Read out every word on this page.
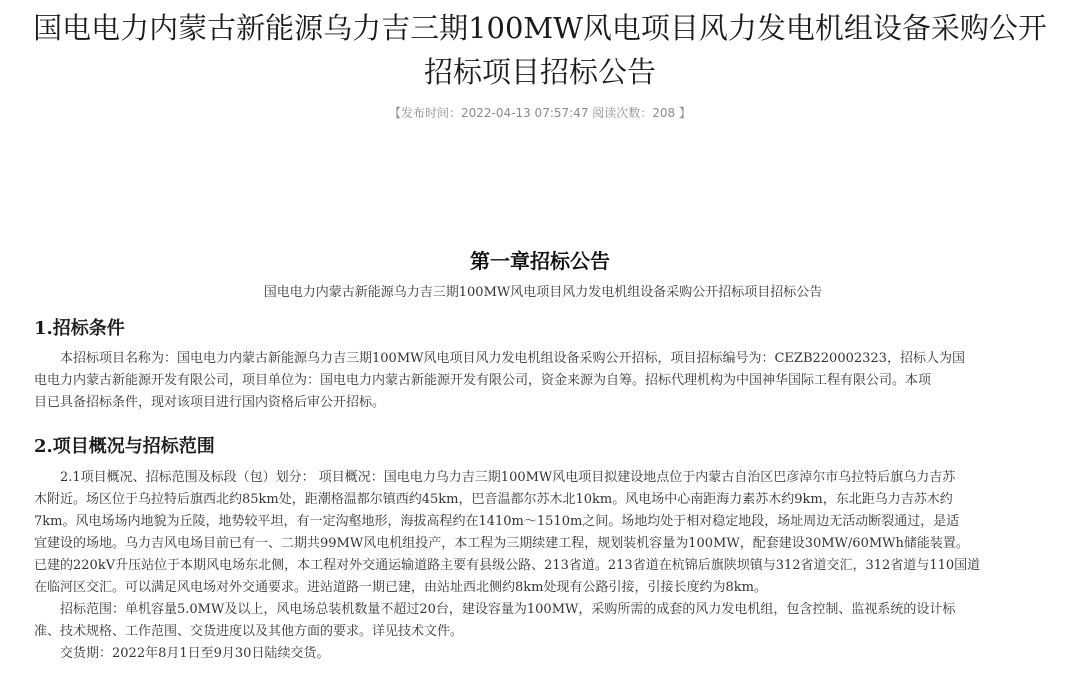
国电电力内蒙古新能源乌力吉三期100MW风电项目风力发电机组设备采购公开
招标项目招标公告
【发布时间：2022-04-13 07:57:47 阅读次数：208 】
第一章招标公告
国电电力内蒙古新能源乌力吉三期100MW风电项目风力发电机组设备采购公开招标项目招标公告
1.招标条件
　　本招标项目名称为：国电电力内蒙古新能源乌力吉三期100MW风电项目风力发电机组设备采购公开招标，项目招标编号为：CEZB220002323，招标人为国
电电力内蒙古新能源开发有限公司，项目单位为：国电电力内蒙古新能源开发有限公司，资金来源为自筹。招标代理机构为中国神华国际工程有限公司。本项
目已具备招标条件，现对该项目进行国内资格后审公开招标。
2.项目概况与招标范围
　　2.1项目概况、招标范围及标段（包）划分： 项目概况：国电电力乌力吉三期100MW风电项目拟建设地点位于内蒙古自治区巴彦淖尔市乌拉特后旗乌力吉苏
木附近。场区位于乌拉特后旗西北约85km处，距潮格温都尔镇西约45km，巴音温都尔苏木北10km。风电场中心南距海力素苏木约9km，东北距乌力吉苏木约
7km。风电场场内地貌为丘陵，地势较平坦，有一定沟壑地形，海拔高程约在1410m～1510m之间。场地均处于相对稳定地段，场址周边无活动断裂通过，是适
宜建设的场地。乌力吉风电场目前已有一、二期共99MW风电机组投产，本工程为三期续建工程，规划装机容量为100MW，配套建设30MW/60MWh储能装置。
已建的220kV升压站位于本期风电场东北侧，本工程对外交通运输道路主要有县级公路、213省道。213省道在杭锦后旗陕坝镇与312省道交汇，312省道与110国道
在临河区交汇。可以满足风电场对外交通要求。进站道路一期已建，由站址西北侧约8km处现有公路引接，引接长度约为8km。
　　招标范围：单机容量5.0MW及以上，风电场总装机数量不超过20台，建设容量为100MW，采购所需的成套的风力发电机组，包含控制、监视系统的设计标
准、技术规格、工作范围、交货进度以及其他方面的要求。详见技术文件。
　　交货期：2022年8月1日至9月30日陆续交货。
